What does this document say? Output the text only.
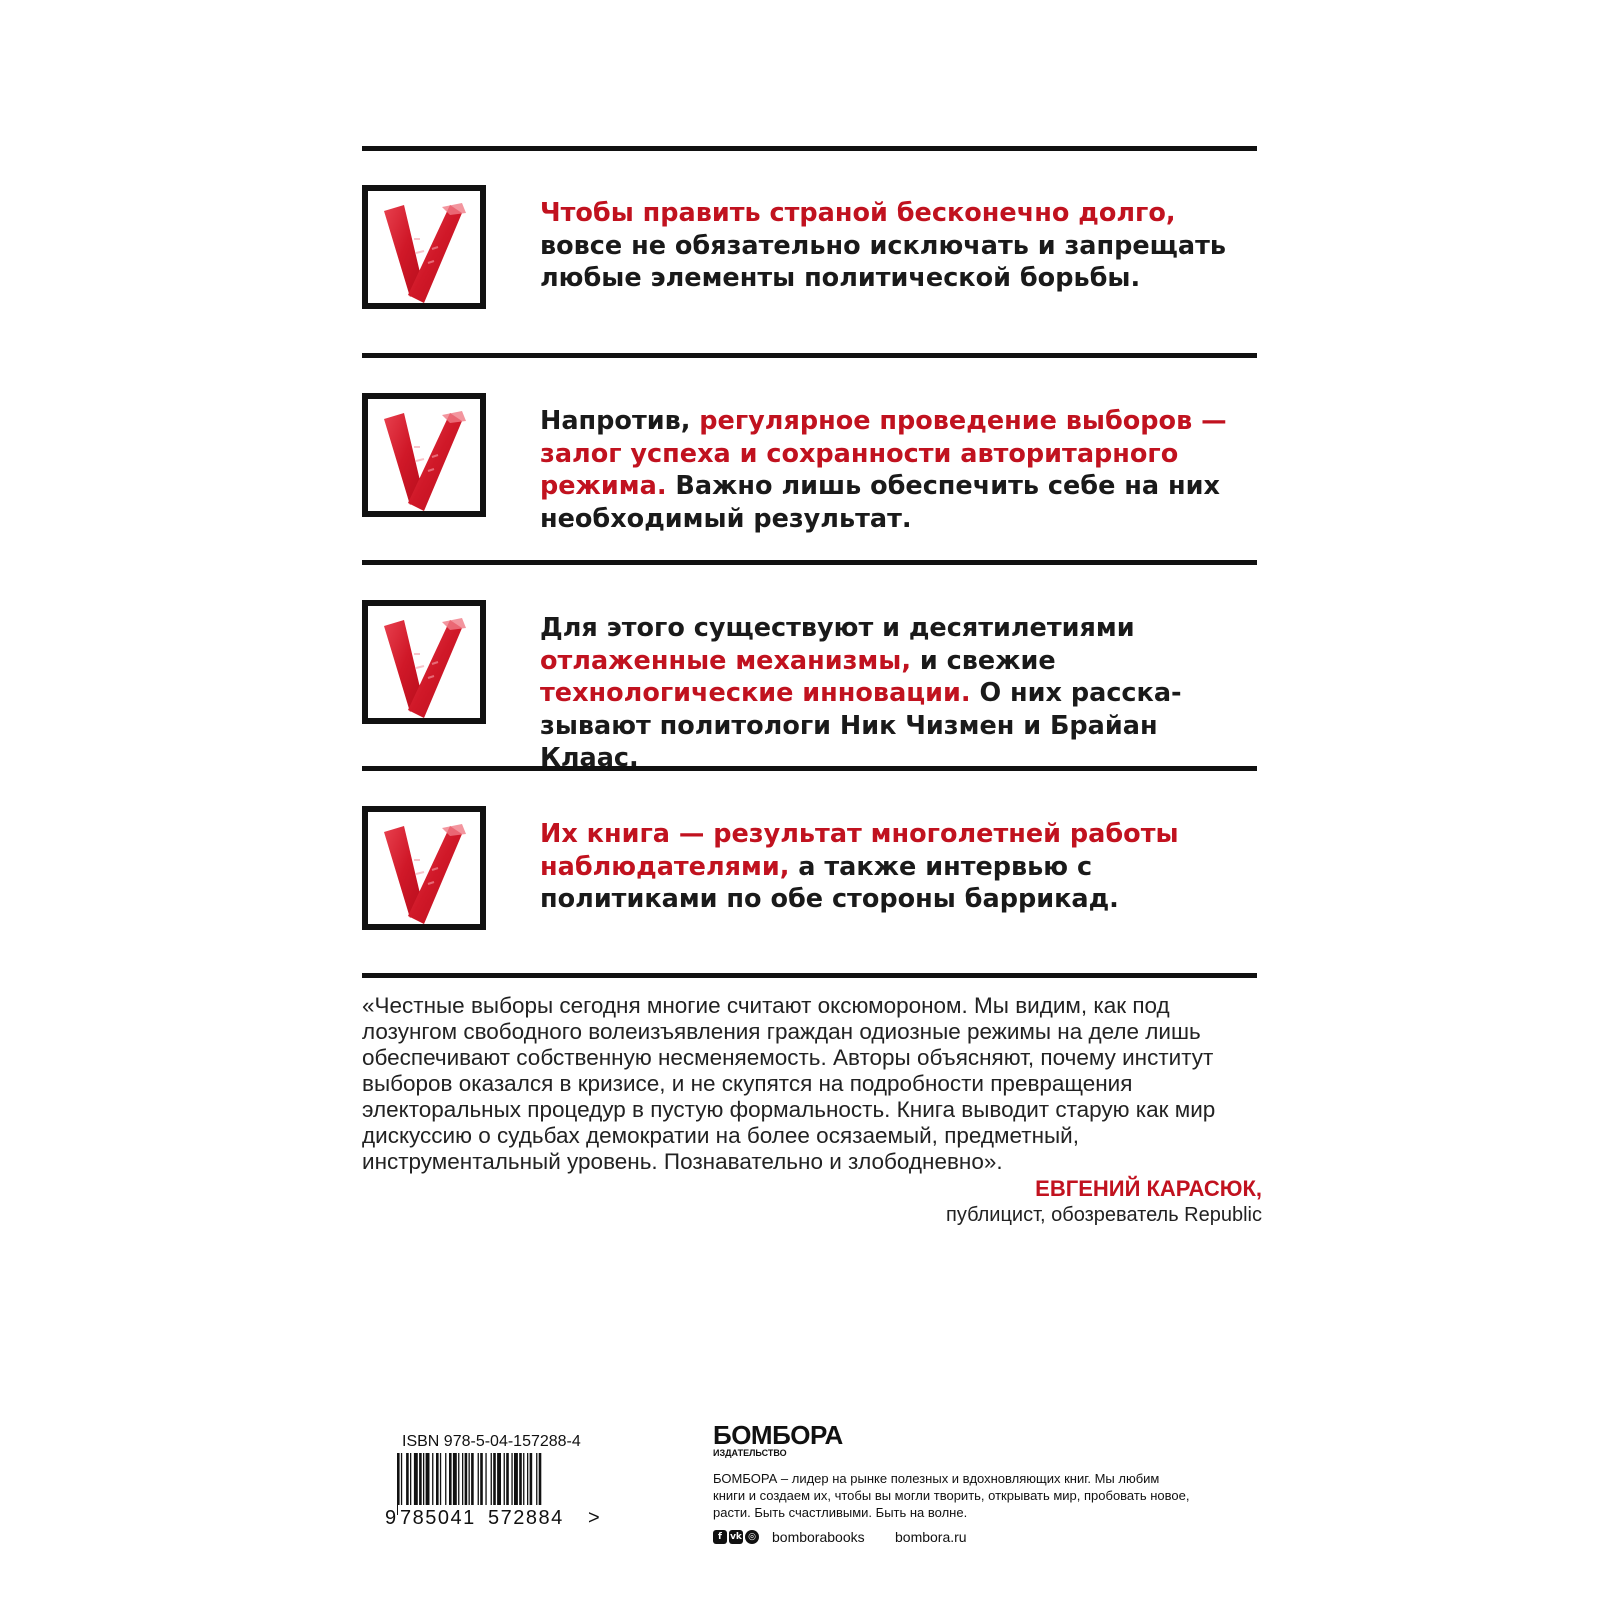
Чтобы править страной бесконечно долго, вовсе не обязательно исключать и запрещать любые элементы политической борьбы.
Напротив, регулярное проведение выборов — залог успеха и сохранности авторитарного режима. Важно лишь обеспечить себе на них необходимый результат.
Для этого существуют и десятилетиями отлаженные механизмы, и свежие технологические инновации. О них расска-зывают политологи Ник Чизмен и Брайан Клаас.
Их книга — результат многолетней работы наблюдателями, а также интервью с политиками по обе стороны баррикад.
«Честные выборы сегодня многие считают оксюмороном. Мы видим, как под лозунгом свободного волеизъявления граждан одиозные режимы на деле лишь обеспечивают собственную несменяемость. Авторы объясняют, почему институт выборов оказался в кризисе, и не скупятся на подробности превращения электоральных процедур в пустую формальность. Книга выводит старую как мир дискуссию о судьбах демократии на более осязаемый, предметный, инструментальный уровень. Познавательно и злободневно».
ЕВГЕНИЙ КАРАСЮК,
публицист, обозреватель Republic
ISBN 978-5-04-157288-4
9 785041 572884 >
БОМБОРА
ИЗДАТЕЛЬСТВО
БОМБОРА – лидер на рынке полезных и вдохновляющих книг. Мы любим книги и создаем их, чтобы вы могли творить, открывать мир, пробовать новое, расти. Быть счастливыми. Быть на волне.
f vk ◎ bomborabooks bombora.ru
